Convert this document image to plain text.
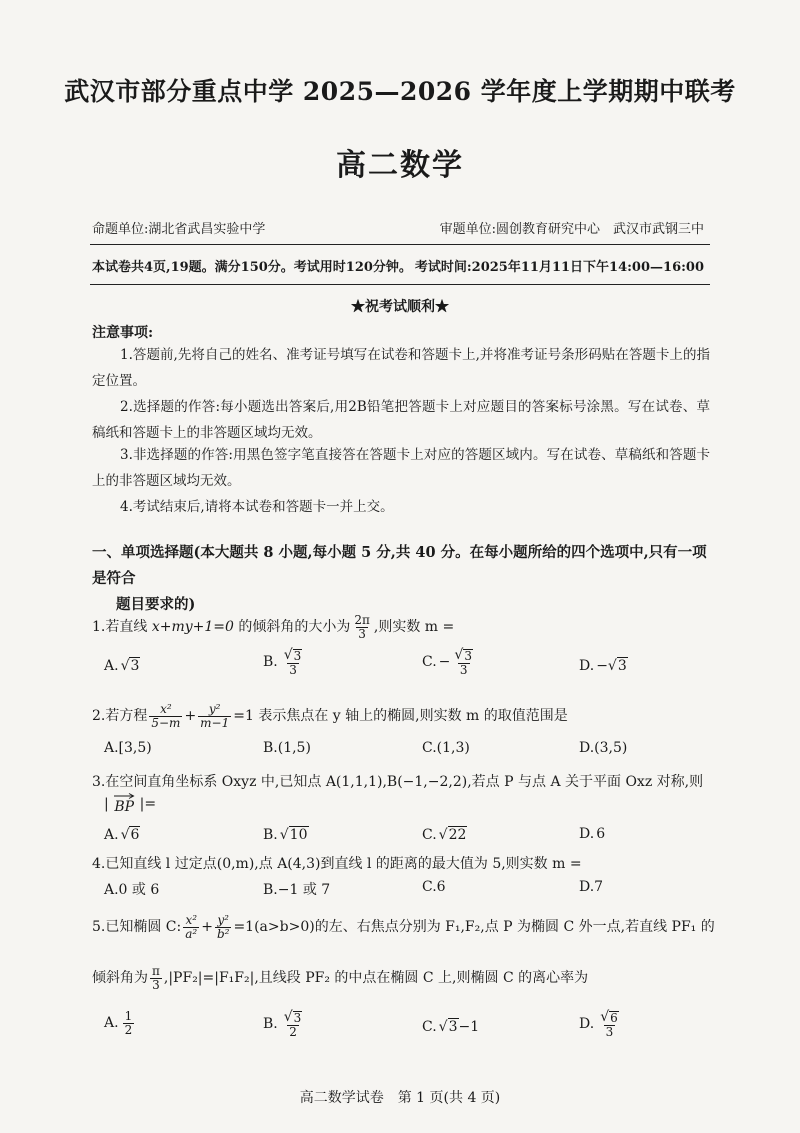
武汉市部分重点中学 2025—2026 学年度上学期期中联考
高二数学
命题单位:湖北省武昌实验中学	审题单位:圆创教育研究中心　武汉市武钢三中
本试卷共4页,19题。满分150分。考试用时120分钟。 考试时间:2025年11月11日下午14:00—16:00
★祝考试顺利★
注意事项:
1.答题前,先将自己的姓名、准考证号填写在试卷和答题卡上,并将准考证号条形码贴在答题卡上的指定位置。
2.选择题的作答:每小题选出答案后,用2B铅笔把答题卡上对应题目的答案标号涂黑。写在试卷、草稿纸和答题卡上的非答题区域均无效。
3.非选择题的作答:用黑色签字笔直接答在答题卡上对应的答题区域内。写在试卷、草稿纸和答题卡上的非答题区域均无效。
4.考试结束后,请将本试卷和答题卡一并上交。
一、单项选择题(本大题共 8 小题,每小题 5 分,共 40 分。在每小题所给的四个选项中,只有一项是符合
题目要求的)
1.若直线 x+my+1=0 的倾斜角的大小为 $\frac{2\pi}{3}$ ,则实数 m =
A. √ 3	B. $\frac{√ 3}{3}$	C. − $\frac{√ 3}{3}$	D. − √ 3
2.若方程 $\frac{\text{x²}}{5-m} + \frac{\text{y²}}{m-1} =1$ 表示焦点在 y 轴上的椭圆,则实数 m 的取值范围是
A.[3,5)	B.(1,5)	C.(1,3)	D.(3,5)
3.在空间直角坐标系 Oxyz 中,已知点 A(1,1,1),B(−1,−2,2),若点 P 与点 A 关于平面 Oxz 对称,则
| BP |=
A. √ 6	B. √ 10	C. √ 22	D. 6
4.已知直线 l 过定点(0,m),点 A(4,3)到直线 l 的距离的最大值为 5,则实数 m =
A.0 或 6	B.−1 或 7	C.6	D.7
5.已知椭圆 C: $\frac{\text{x²}}{\text{a²}} + \frac{\text{y²}}{\text{b²}} =1(a>b>0)$的左、右焦点分别为 F₁,F₂,点 P 为椭圆 C 外一点,若直线 PF₁ 的
倾斜角为 $\frac{\pi}{3} ,|PF_2|=|F_1F_2|$,且线段 PF₂ 的中点在椭圆 C 上,则椭圆 C 的离心率为
A. $\frac{1}{2}$	B. $\frac{√ 3}{2}$	C. √ 3 −1	D. $\frac{√ 6}{3}$
高二数学试卷　第 1 页(共 4 页)
